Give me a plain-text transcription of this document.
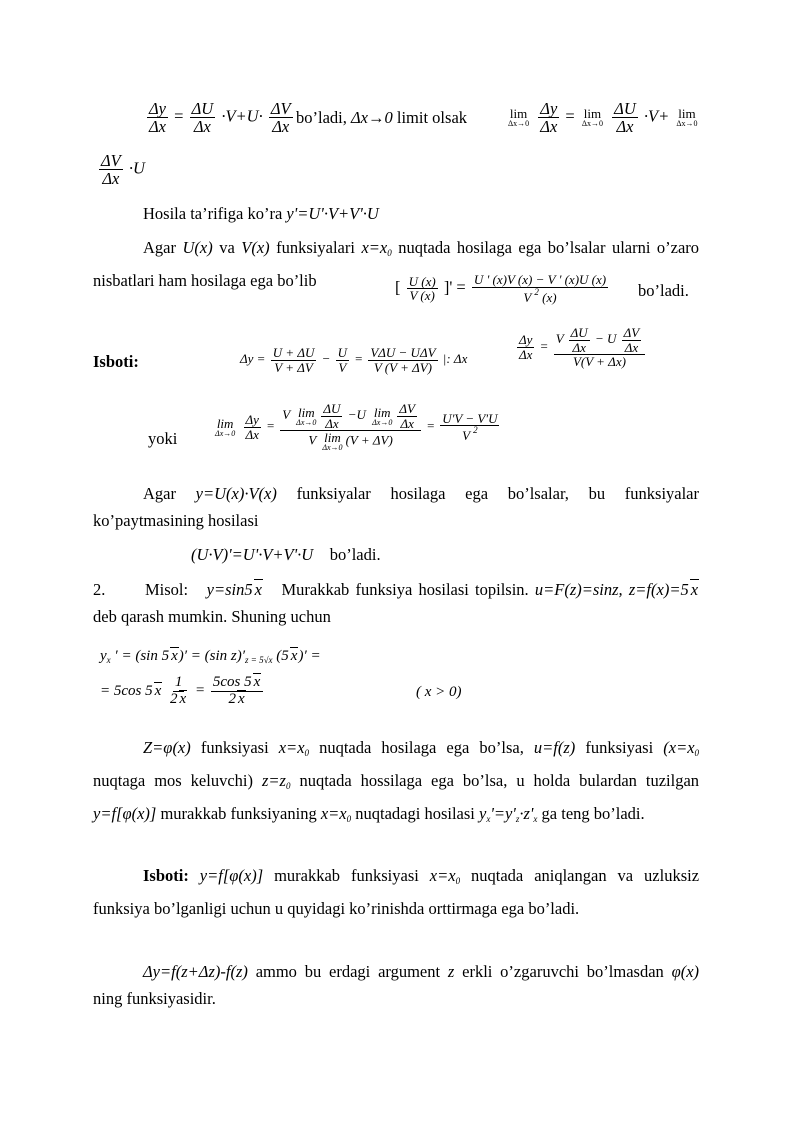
$\frac{\Delta y}{\Delta x} = \frac{\Delta U}{\Delta x} \cdot V+U\cdot \frac{\Delta V}{\Delta x}$ bo’ladi, Δx→0 limit olsak	lim
Δx→0
$\frac{\Delta y}{\Delta x} = \lim$
Δx→0
$\frac{\Delta U}{\Delta x} \cdot V+ \lim$
Δx→0
$\frac{\Delta V}{\Delta x} \cdot U$
Hosila ta’rifiga ko’ra y'=U'·V+V'·U
Agar U(x) va V(x) funksiyalari $x=x_0$ nuqtada hosilaga ega bo’lsalar ularni o’zaro nisbatlari ham hosilaga ega bo’lib	[ $\frac{U (x)}{V (x)}$ ]' = $\frac{U ' (x)V (x) - V ' (x)U (x)}{V ^2 (x)}$ bo’ladi.
Isboti:	$\Delta y = \frac{U + \Delta U}{V + \Delta V} - \frac{U}{V} = \frac{\text{VΔU − UΔV}}{V (V + \Delta V)}$ |: Δx	$\frac{\Delta y}{\Delta x} = \frac{V \frac{\Delta U}{\Delta x} - U \frac{\Delta V}{\Delta x}}{V(V + \Delta x)}$
yoki
lim
Δx→0
$\frac{\Delta y}{\Delta x} = V$ lim
$\Delta x\to 0 \frac{\Delta U}{\Delta x} -U$ lim
$\Delta x\to 0 \frac{\Delta V}{\Delta x}$
V lim
Δx→0
$(V + \Delta V) = \frac{U'V - V'U}{V ^2}$
Agar y=U(x)·V(x) funksiyalar hosilaga ega bo’lsalar, bu funksiyalar ko’paytmasining hosilasi
(U·V)'=U'·V+V'·U bo’ladi.
2.	Misol: y=sin5 x Murakkab funksiya hosilasi topilsin. u=F(z)=sinz, z=f(x)=5 x deb qarash mumkin. Shuning uchun
$y_x$ ′ = (sin 5 x)′ = (sin $z)'_{z = 5√x}$ (5 x)′ =
= 5cos 5 x $\frac{1}{2 x} = \frac{5\cos 5 x}{2 x}$	( x > 0)
Z=φ(x) funksiyasi $x=x_0$ nuqtada hosilaga ega bo’lsa, u=f(z) funksiyasi ($x=x_0$ nuqtaga mos keluvchi) $z=z_0$ nuqtada hossilaga ega bo’lsa, u holda bulardan tuzilgan y=f[φ(x)] murakkab funksiyaning $x=x_0$ nuqtadagi hosilasi $y_x'=y'_z\cdot z'_x$ ga teng bo’ladi.
Isboti: y=f[φ(x)] murakkab funksiyasi $x=x_0$ nuqtada aniqlangan va uzluksiz funksiya bo’lganligi uchun u quyidagi ko’rinishda orttirmaga ega bo’ladi.
Δy=f(z+Δz)-f(z) ammo bu erdagi argument z erkli o’zgaruvchi bo’lmasdan φ(x) ning funksiyasidir.
